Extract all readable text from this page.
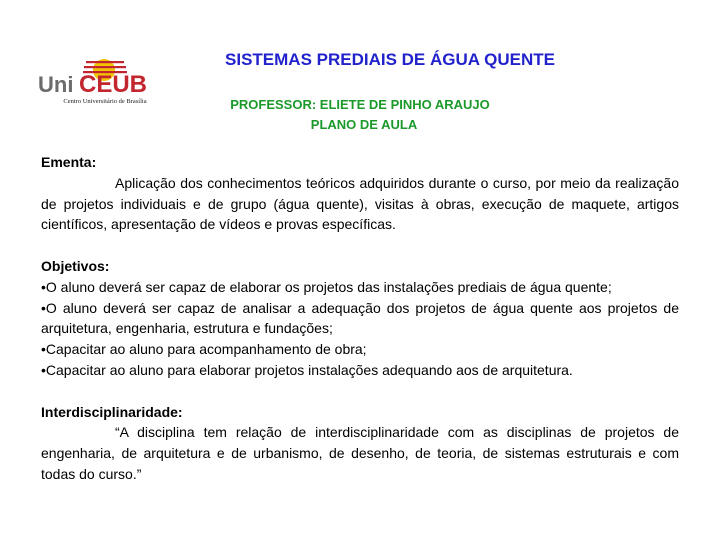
Uni CEUB
Centro Universitário de Brasília
SISTEMAS PREDIAIS DE ÁGUA QUENTE
PROFESSOR: ELIETE DE PINHO ARAUJO
PLANO DE AULA

Ementa:

Aplicação dos conhecimentos teóricos adquiridos durante o curso, por meio da realização de projetos individuais e de grupo (água quente), visitas à obras, execução de maquete, artigos científicos, apresentação de vídeos e provas específicas.

Objetivos:

•O aluno deverá ser capaz de elaborar os projetos das instalações prediais de água quente;

•O aluno deverá ser capaz de analisar a adequação dos projetos de água quente aos projetos de arquitetura, engenharia, estrutura e fundações;

•Capacitar ao aluno para acompanhamento de obra;

•Capacitar ao aluno para elaborar projetos instalações adequando aos de arquitetura.

Interdisciplinaridade:

“A disciplina tem relação de interdisciplinaridade com as disciplinas de projetos de engenharia, de arquitetura e de urbanismo, de desenho, de teoria, de sistemas estruturais e com todas do curso.”
